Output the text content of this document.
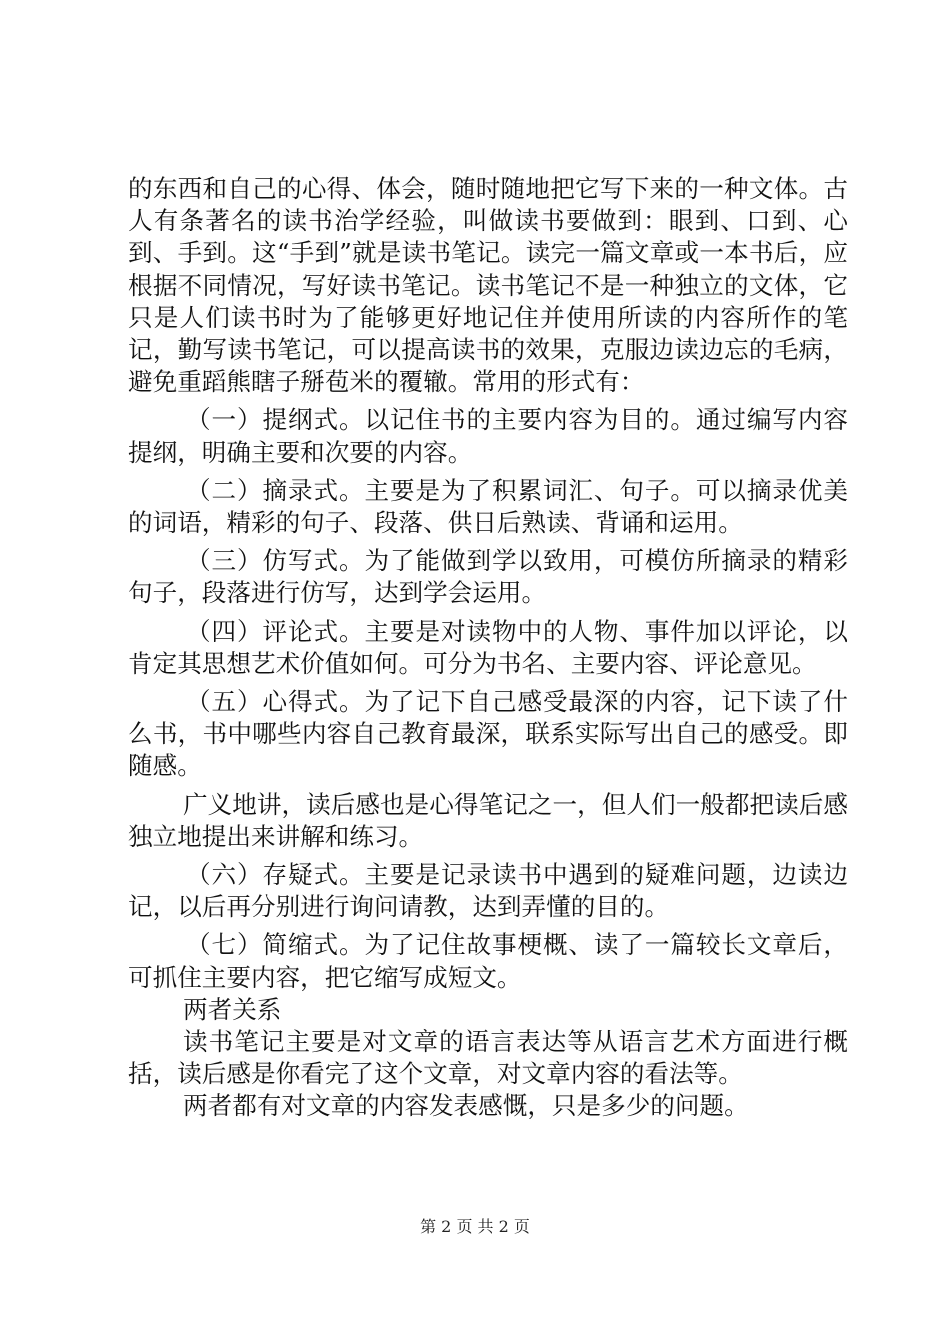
的东西和自己的心得、体会，随时随地把它写下来的一种文体。古人有条著名的读书治学经验，叫做读书要做到：眼到、口到、心到、手到。这“手到”就是读书笔记。读完一篇文章或一本书后，应根据不同情况，写好读书笔记。读书笔记不是一种独立的文体，它只是人们读书时为了能够更好地记住并使用所读的内容所作的笔记，勤写读书笔记，可以提高读书的效果，克服边读边忘的毛病，避免重蹈熊瞎子掰苞米的覆辙。常用的形式有：

（一）提纲式。以记住书的主要内容为目的。通过编写内容提纲，明确主要和次要的内容。

（二）摘录式。主要是为了积累词汇、句子。可以摘录优美的词语，精彩的句子、段落、供日后熟读、背诵和运用。

（三）仿写式。为了能做到学以致用，可模仿所摘录的精彩句子，段落进行仿写，达到学会运用。

（四）评论式。主要是对读物中的人物、事件加以评论，以肯定其思想艺术价值如何。可分为书名、主要内容、评论意见。

（五）心得式。为了记下自己感受最深的内容，记下读了什么书，书中哪些内容自己教育最深，联系实际写出自己的感受。即随感。

广义地讲，读后感也是心得笔记之一，但人们一般都把读后感独立地提出来讲解和练习。

（六）存疑式。主要是记录读书中遇到的疑难问题，边读边记，以后再分别进行询问请教，达到弄懂的目的。

（七）简缩式。为了记住故事梗概、读了一篇较长文章后，可抓住主要内容，把它缩写成短文。

两者关系

读书笔记主要是对文章的语言表达等从语言艺术方面进行概括，读后感是你看完了这个文章，对文章内容的看法等。

两者都有对文章的内容发表感慨，只是多少的问题。

第 2 页 共 2 页
